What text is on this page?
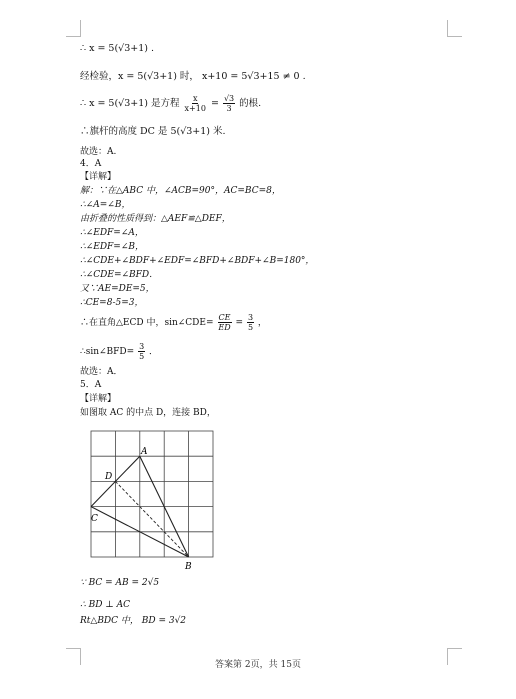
∴ x = 5(√3+1) .
经检验，x = 5(√3+1) 时， x+10 = 5√3+15 ≠ 0 .
∴ x = 5(√3+1) 是方程 $\frac{x}{x+10} = \frac{√3}{3}$ 的根.
∴旗杆的高度 DC 是 5(√3+1) 米.
故选：A.
4．A
【详解】
解：∵在△ABC 中，∠ACB=90°，AC=BC=8，
∴∠A=∠B，
由折叠的性质得到：△AEF≌△DEF，
∴∠EDF=∠A，
∴∠EDF=∠B，
∴∠CDE+∠BDF+∠EDF=∠BFD+∠BDF+∠B=180°，
∴∠CDE=∠BFD．
又∵AE=DE=5，
∴CE=8-5=3，
∴在直角△ECD 中，sin∠CDE= $\frac{CE}{ED} = \frac{3}{5}$ ，
∴sin∠BFD= $\frac{3}{5}$ ．
故选：A．
5．A
【详解】
如图取 AC 的中点 D，连接 BD，
A
B
C
D
∵ BC = AB = 2√5
∴ BD ⊥ AC
Rt△BDC 中， BD = 3√2
答案第 2页，共 15页
